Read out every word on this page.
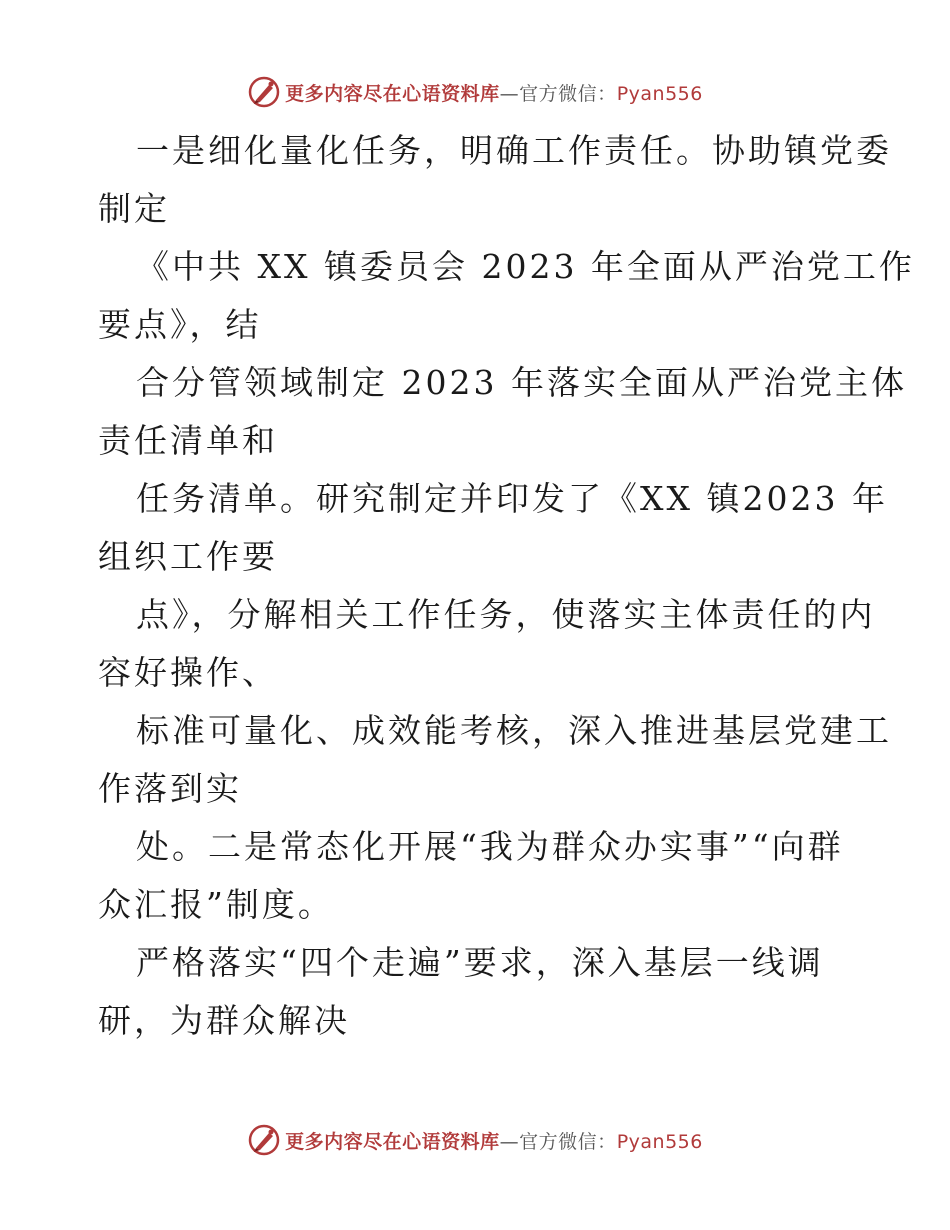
更多内容尽在心语资料库—官方微信：Pyan556
一是细化量化任务，明确工作责任。协助镇党委
制定
《中共 XX 镇委员会 2023 年全面从严治党工作
要点》，结
合分管领域制定 2023 年落实全面从严治党主体
责任清单和
任务清单。研究制定并印发了《XX 镇2023 年
组织工作要
点》，分解相关工作任务，使落实主体责任的内
容好操作、
标准可量化、成效能考核，深入推进基层党建工
作落到实
处。二是常态化开展“我为群众办实事”“向群
众汇报”制度。
严格落实“四个走遍”要求，深入基层一线调
研，为群众解决
更多内容尽在心语资料库—官方微信：Pyan556
